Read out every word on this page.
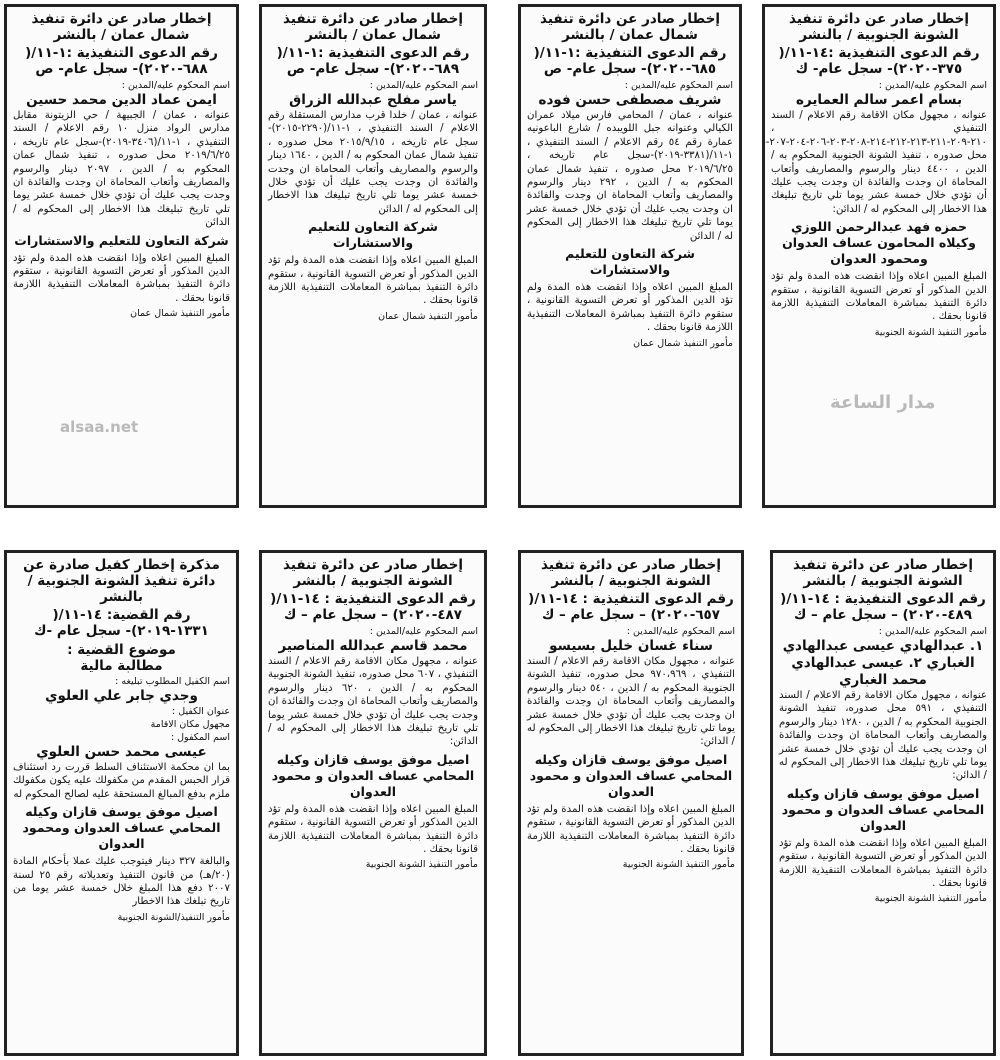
إخطار صادر عن دائرة تنفيذ الشونة الجنوبية / بالنشر
رقم الدعوى التنفيذية :١٤-١١/( ٣٧٥-٢٠٢٠)- سجل عام- ك
اسم المحكوم عليه/المدين :
بسام اعمر سالم العمايره

عنوانه ، مجهول مكان الاقامة رقم الاعلام / السند التنفيذي ، ٢١٠-٢٠٩-٢١١-٢١٣-٢١٢-٢١٤-٢٠٨-٢٠٣-٢٠٦-٢٠٤-٢٠٧- محل صدوره ، تنفيذ الشونة الجنوبية المحكوم به / الدين ، ٤٤٠٠ دينار والرسوم والمصاريف وأتعاب المحاماة ان وجدت والفائدة ان وجدت يجب عليك أن تؤدي خلال خمسة عشر يوما تلي تاريخ تبليغك هذا الاخطار إلى المحكوم له / الدائن:

حمزه فهد عبدالرحمن اللوزي وكيلاه المحامون عساف العدوان ومحمود العدوان

المبلغ المبين اعلاه وإذا انقضت هذه المدة ولم تؤد الدين المذكور أو تعرض التسوية القانونية ، ستقوم دائرة التنفيذ بمباشرة المعاملات التنفيذية اللازمة قانونا بحقك .

مأمور التنفيذ الشونة الجنوبية
إخطار صادر عن دائرة تنفيذ شمال عمان / بالنشر
رقم الدعوى التنفيذية :١-١١/( ٦٨٥-٢٠٢٠)- سجل عام- ص
اسم المحكوم عليه/المدين :
شريف مصطفى حسن فوده

عنوانه ، عمان / المحامي فارس ميلاد عمران الكيالي وعنوانه جبل اللويبده / شارع الباعونيه عمارة رقم ٥٤ رقم الاعلام / السند التنفيذي ، ١-١١/(٣٣٨١-٢٠١٩)-سجل عام تاريخه ، ٢٠١٩/٦/٢٥ محل صدوره ، تنفيذ شمال عمان المحكوم به / الدين ، ٢٩٢ دينار والرسوم والمصاريف وأتعاب المحاماة ان وجدت والفائدة ان وجدت يجب عليك أن تؤدي خلال خمسة عشر يوما تلي تاريخ تبليغك هذا الاخطار إلى المحكوم له / الدائن

شركة التعاون للتعليم والاستشارات

المبلغ المبين اعلاه وإذا انقضت هذه المدة ولم تؤد الدين المذكور أو تعرض التسوية القانونية ، ستقوم دائرة التنفيذ بمباشرة المعاملات التنفيذية اللازمة قانونا بحقك .

مأمور التنفيذ شمال عمان
إخطار صادر عن دائرة تنفيذ شمال عمان / بالنشر
رقم الدعوى التنفيذية :١-١١/( ٦٨٩-٢٠٢٠)- سجل عام- ص
اسم المحكوم عليه/المدين :
ياسر مفلح عبدالله الزراق

عنوانه ، عمان / خلدا قرب مدارس المستقلة رقم الاعلام / السند التنفيذي ، ١-١١/(٢٢٩٠-٢٠١٥)-سجل عام تاريخه ، ٢٠١٥/٩/١٥ محل صدوره ، تنفيذ شمال عمان المحكوم به / الدين ، ١٦٤٠ دينار والرسوم والمصاريف وأتعاب المحاماة ان وجدت والفائدة ان وجدت يجب عليك أن تؤدي خلال خمسة عشر يوما تلي تاريخ تبليغك هذا الاخطار إلى المحكوم له / الدائن

شركة التعاون للتعليم والاستشارات

المبلغ المبين اعلاه وإذا انقضت هذه المدة ولم تؤد الدين المذكور أو تعرض التسوية القانونية ، ستقوم دائرة التنفيذ بمباشرة المعاملات التنفيذية اللازمة قانونا بحقك .

مأمور التنفيذ شمال عمان
إخطار صادر عن دائرة تنفيذ شمال عمان / بالنشر
رقم الدعوى التنفيذية :١-١١/( ٦٨٨-٢٠٢٠)- سجل عام- ص
اسم المحكوم عليه/المدين :
ايمن عماد الدين محمد حسين

عنوانه ، عمان / الجبيهة / حي الزيتونة مقابل مدارس الرواد منزل ١٠ رقم الاعلام / السند التنفيذي ، ١-١١/(٣٤٠٦-٢٠١٩)-سجل عام تاريخه ، ٢٠١٩/٦/٢٥ محل صدوره ، تنفيذ شمال عمان المحكوم به / الدين ، ٢٠٩٧ دينار والرسوم والمصاريف وأتعاب المحاماة ان وجدت والفائدة ان وجدت يجب عليك أن تؤدي خلال خمسة عشر يوما تلي تاريخ تبليغك هذا الاخطار إلى المحكوم له / الدائن

شركة التعاون للتعليم والاستشارات

المبلغ المبين اعلاه وإذا انقضت هذه المدة ولم تؤد الدين المذكور أو تعرض التسوية القانونية ، ستقوم دائرة التنفيذ بمباشرة المعاملات التنفيذية اللازمة قانونا بحقك .

مأمور التنفيذ شمال عمان
إخطار صادر عن دائرة تنفيذ الشونة الجنوبية / بالنشر
رقم الدعوى التنفيذية : ١٤-١١/( ٤٨٩-٢٠٢٠) – سجل عام – ك
اسم المحكوم عليه/المدين :
١. عبدالهادي عيسى عبدالهادي الغباري ٢. عيسى عبدالهادي محمد الغباري

عنوانه ، مجهول مكان الاقامة رقم الاعلام / السند التنفيذي ، ٥٩١ محل صدوره، تنفيذ الشونة الجنوبية المحكوم به / الدين ، ١٢٨٠ دينار والرسوم والمصاريف وأتعاب المحاماة ان وجدت والفائدة ان وجدت يجب عليك أن تؤدي خلال خمسة عشر يوما تلي تاريخ تبليغك هذا الاخطار إلى المحكوم له / الدائن:

اصيل موفق يوسف قازان وكيله المحامي عساف العدوان و محمود العدوان

المبلغ المبين اعلاه وإذا انقضت هذه المدة ولم تؤد الدين المذكور أو تعرض التسوية القانونية ، ستقوم دائرة التنفيذ بمباشرة المعاملات التنفيذية اللازمة قانونا بحقك .

مأمور التنفيذ الشونة الجنوبية
إخطار صادر عن دائرة تنفيذ الشونة الجنوبية / بالنشر
رقم الدعوى التنفيذية : ١٤-١١/( ٦٥٧-٢٠٢٠) – سجل عام – ك
اسم المحكوم عليه/المدين :
سناء غسان خليل بسيسو

عنوانه ، مجهول مكان الاقامة رقم الاعلام / السند التنفيذي ، ٩٧٠،٩٦٩ محل صدوره، تنفيذ الشونة الجنوبية المحكوم به / الدين ، ٥٤٠ دينار والرسوم والمصاريف وأتعاب المحاماة ان وجدت والفائدة ان وجدت يجب عليك أن تؤدي خلال خمسة عشر يوما تلي تاريخ تبليغك هذا الاخطار إلى المحكوم له / الدائن:

اصيل موفق يوسف قازان وكيله المحامي عساف العدوان و محمود العدوان

المبلغ المبين اعلاه وإذا انقضت هذه المدة ولم تؤد الدين المذكور أو تعرض التسوية القانونية ، ستقوم دائرة التنفيذ بمباشرة المعاملات التنفيذية اللازمة قانونا بحقك .

مأمور التنفيذ الشونة الجنوبية
إخطار صادر عن دائرة تنفيذ الشونة الجنوبية / بالنشر
رقم الدعوى التنفيذية : ١٤-١١/( ٤٨٧-٢٠٢٠) – سجل عام – ك
اسم المحكوم عليه/المدين :
محمد قاسم عبدالله المناصير

عنوانه ، مجهول مكان الاقامة رقم الاعلام / السند التنفيذي ، ٦٠٧ محل صدوره، تنفيذ الشونة الجنوبية المحكوم به / الدين ، ٦٢٠ دينار والرسوم والمصاريف وأتعاب المحاماة ان وجدت والفائدة ان وجدت يجب عليك أن تؤدي خلال خمسة عشر يوما تلي تاريخ تبليغك هذا الاخطار إلى المحكوم له / الدائن:

اصيل موفق يوسف قازان وكيله المحامي عساف العدوان و محمود العدوان

المبلغ المبين اعلاه وإذا انقضت هذه المدة ولم تؤد الدين المذكور أو تعرض التسوية القانونية ، ستقوم دائرة التنفيذ بمباشرة المعاملات التنفيذية اللازمة قانونا بحقك .

مأمور التنفيذ الشونة الجنوبية
مذكرة إخطار كفيل صادرة عن دائرة تنفيذ الشونة الجنوبية / بالنشر
رقم القضية: ١٤-١١/( ١٣٣١-٢٠١٩)- سجل عام -ك
موضوع القضية :
مطالبة مالية
اسم الكفيل المطلوب تبليغه :
وجدي جابر علي العلوي
عنوان الكفيل :
مجهول مكان الاقامة
اسم المكفول :
عيسى محمد حسن العلوي

بما ان محكمة الاستئناف السلط قررت رد استئناف قرار الحبس المقدم من مكفولك عليه يكون مكفولك ملزم بدفع المبالغ المستحقة عليه لصالح المحكوم له

اصيل موفق يوسف قازان وكيله المحامي عساف العدوان ومحمود العدوان

والبالغة ٣٢٧ دينار فيتوجب عليك عملا بأحكام المادة (٢٠/هـ) من قانون التنفيذ وتعديلاته رقم ٢٥ لسنة ٢٠٠٧ دفع هذا المبلغ خلال خمسة عشر يوما من تاريخ تبلغك هذا الاخطار

مأمور التنفيذ/الشونة الجنوبية
مدار الساعة
alsaa.net
